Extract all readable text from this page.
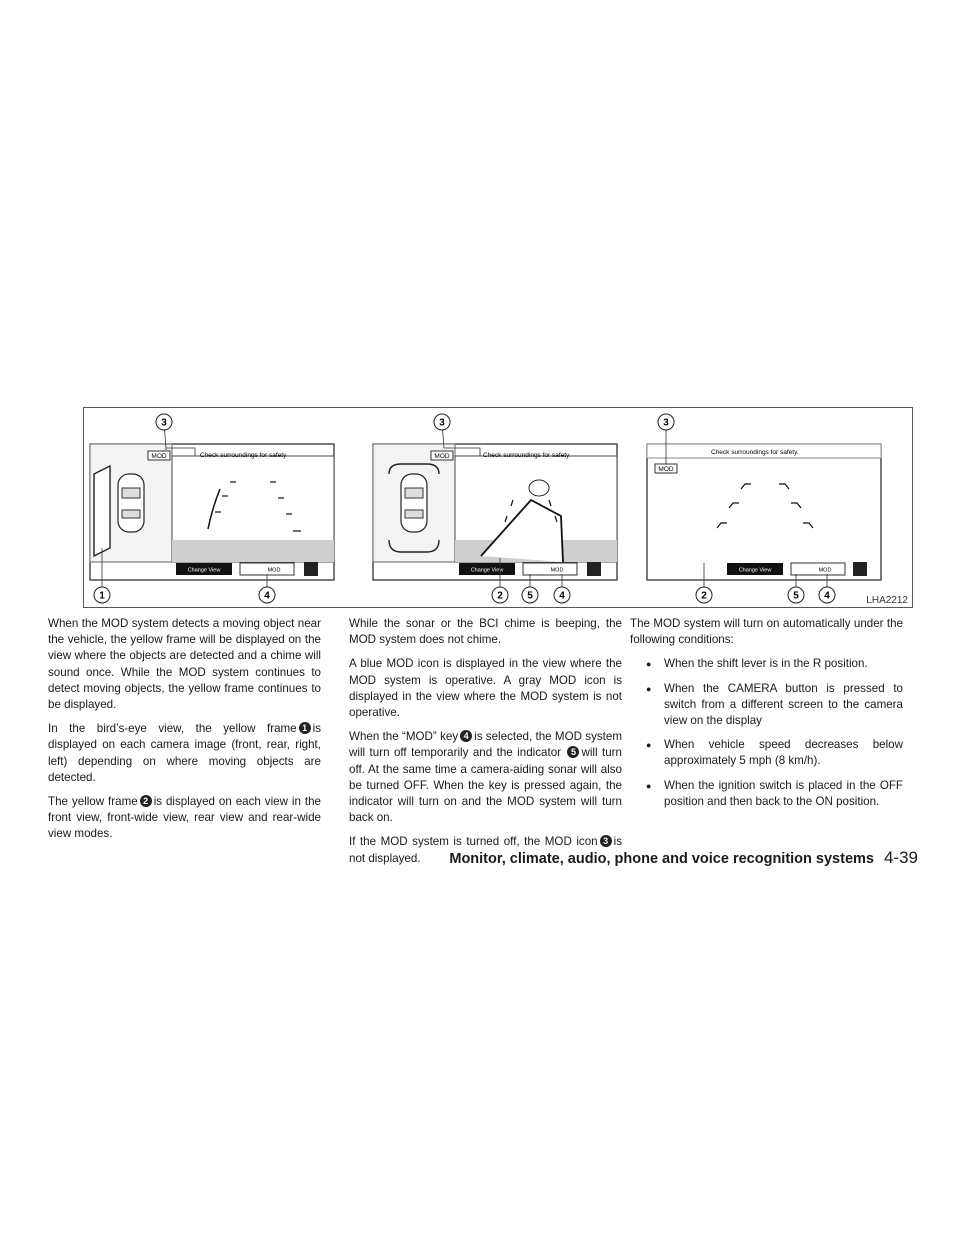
MOD	Check surroundings for safety
Change View	MOD
3
1	4
MOD	Check surroundings for safety
Change View	MOD
3
2 5	4
MOD
Check surroundings for safety.
Change View	MOD
3
2	5	4	LHA2212

When the MOD system detects a moving object near the vehicle, the yellow frame will be displayed on the view where the objects are detected and a chime will sound once. While the MOD system continues to detect moving objects, the yellow frame continues to be displayed.

In the bird’s-eye view, the yellow frame 1 is displayed on each camera image (front, rear, right, left) depending on where moving objects are detected.

The yellow frame 2 is displayed on each view in the front view, front-wide view, rear view and rear-wide view modes.

While the sonar or the BCI chime is beeping, the MOD system does not chime.

A blue MOD icon is displayed in the view where the MOD system is operative. A gray MOD icon is displayed in the view where the MOD system is not operative.

When the “MOD” key 4 is selected, the MOD system will turn off temporarily and the indicator 5 will turn off. At the same time a camera-aiding sonar will also be turned OFF. When the key is pressed again, the indicator will turn on and the MOD system will turn back on.

If the MOD system is turned off, the MOD icon 3 is not displayed.

The MOD system will turn on automatically under the following conditions:

● When the shift lever is in the R position.
● When the CAMERA button is pressed to switch from a different screen to the camera view on the display
● When vehicle speed decreases below approximately 5 mph (8 km/h).
● When the ignition switch is placed in the OFF position and then back to the ON position.
Monitor, climate, audio, phone and voice recognition systems 4-39
